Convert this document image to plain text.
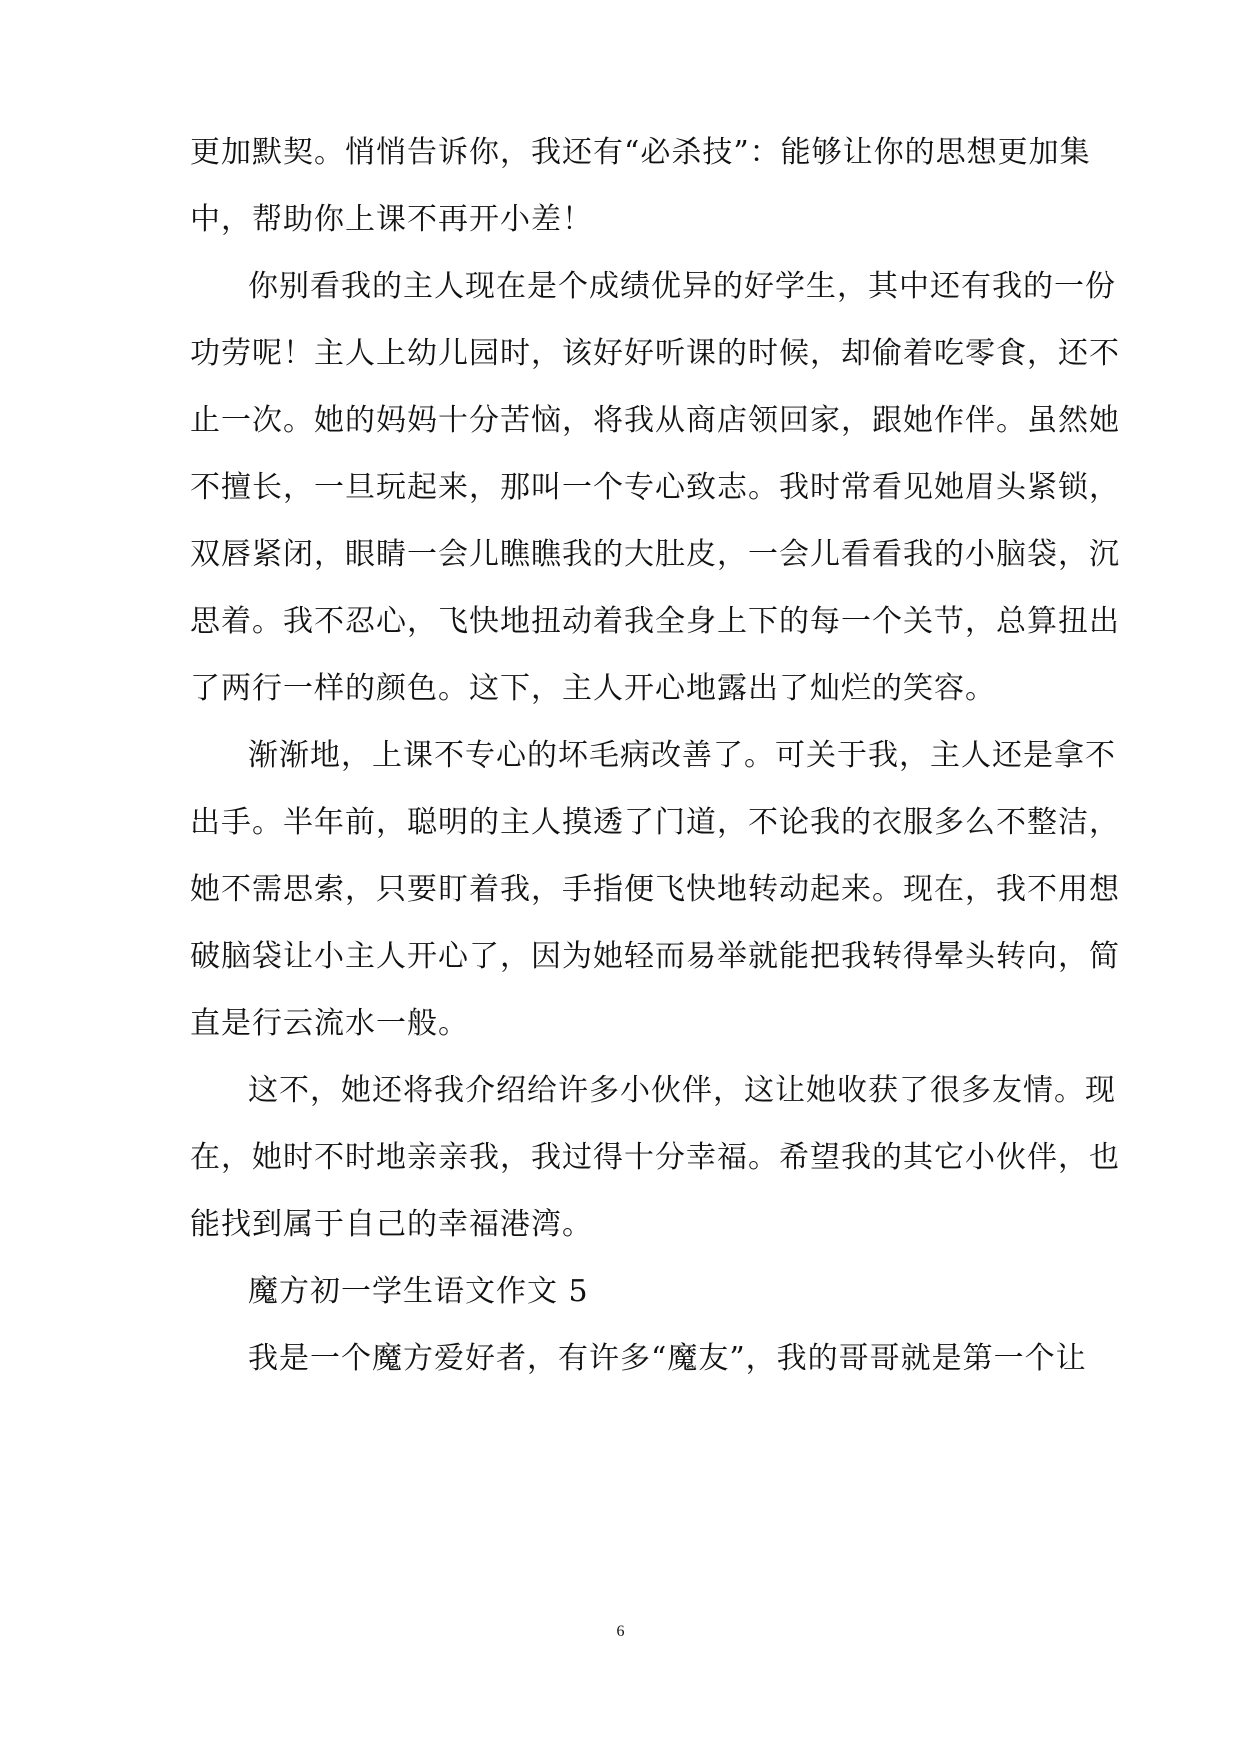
更加默契。悄悄告诉你，我还有“必杀技”：能够让你的思想更加集
中，帮助你上课不再开小差！
你别看我的主人现在是个成绩优异的好学生，其中还有我的一份
功劳呢！主人上幼儿园时，该好好听课的时候，却偷着吃零食，还不
止一次。她的妈妈十分苦恼，将我从商店领回家，跟她作伴。虽然她
不擅长，一旦玩起来，那叫一个专心致志。我时常看见她眉头紧锁，
双唇紧闭，眼睛一会儿瞧瞧我的大肚皮，一会儿看看我的小脑袋，沉
思着。我不忍心，飞快地扭动着我全身上下的每一个关节，总算扭出
了两行一样的颜色。这下，主人开心地露出了灿烂的笑容。
渐渐地，上课不专心的坏毛病改善了。可关于我，主人还是拿不
出手。半年前，聪明的主人摸透了门道，不论我的衣服多么不整洁，
她不需思索，只要盯着我，手指便飞快地转动起来。现在，我不用想
破脑袋让小主人开心了，因为她轻而易举就能把我转得晕头转向，简
直是行云流水一般。
这不，她还将我介绍给许多小伙伴，这让她收获了很多友情。现
在，她时不时地亲亲我，我过得十分幸福。希望我的其它小伙伴，也
能找到属于自己的幸福港湾。
魔方初一学生语文作文 5
我是一个魔方爱好者，有许多“魔友”，我的哥哥就是第一个让
6
